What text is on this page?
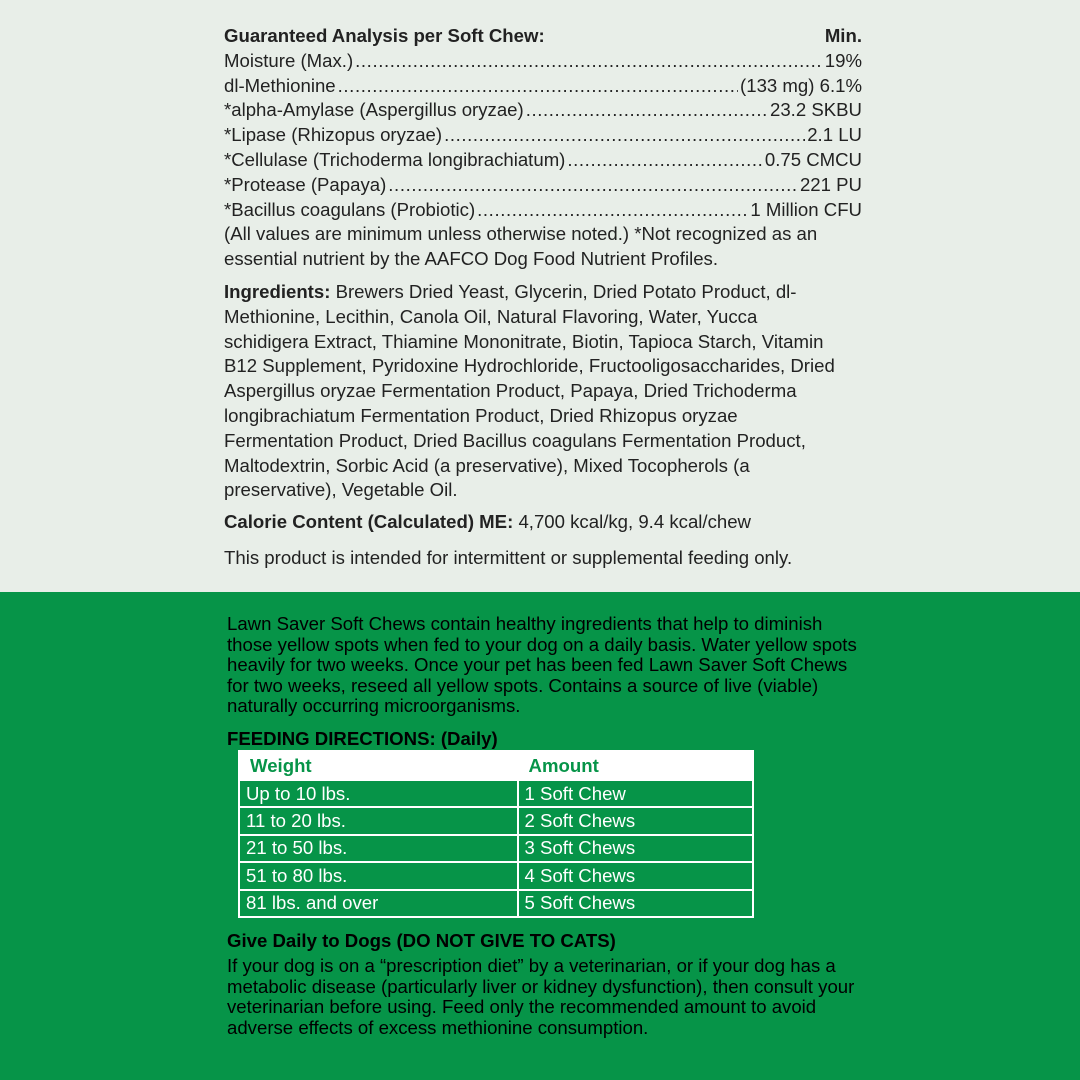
Guaranteed Analysis per Soft Chew:	Min.
Moisture (Max.) .....	19%
dl-Methionine .....	(133 mg) 6.1%
*alpha-Amylase (Aspergillus oryzae) .....	23.2 SKBU
*Lipase (Rhizopus oryzae) .....	2.1 LU
*Cellulase (Trichoderma longibrachiatum) .....	0.75 CMCU
*Protease (Papaya) .....	221 PU
*Bacillus coagulans (Probiotic) .....	1 Million CFU
(All values are minimum unless otherwise noted.) *Not recognized as an essential nutrient by the AAFCO Dog Food Nutrient Profiles.
Ingredients: Brewers Dried Yeast, Glycerin, Dried Potato Product, dl-Methionine, Lecithin, Canola Oil, Natural Flavoring, Water, Yucca schidigera Extract, Thiamine Mononitrate, Biotin, Tapioca Starch, Vitamin B12 Supplement, Pyridoxine Hydrochloride, Fructooligosaccharides, Dried Aspergillus oryzae Fermentation Product, Papaya, Dried Trichoderma longibrachiatum Fermentation Product, Dried Rhizopus oryzae Fermentation Product, Dried Bacillus coagulans Fermentation Product, Maltodextrin, Sorbic Acid (a preservative), Mixed Tocopherols (a preservative), Vegetable Oil.
Calorie Content (Calculated) ME: 4,700 kcal/kg, 9.4 kcal/chew
This product is intended for intermittent or supplemental feeding only.
Lawn Saver Soft Chews contain healthy ingredients that help to diminish those yellow spots when fed to your dog on a daily basis. Water yellow spots heavily for two weeks. Once your pet has been fed Lawn Saver Soft Chews for two weeks, reseed all yellow spots. Contains a source of live (viable) naturally occurring microorganisms.
FEEDING DIRECTIONS: (Daily)
Weight	Amount
Up to 10 lbs.	1 Soft Chew
11 to 20 lbs.	2 Soft Chews
21 to 50 lbs.	3 Soft Chews
51 to 80 lbs.	4 Soft Chews
81 lbs. and over	5 Soft Chews
Give Daily to Dogs (DO NOT GIVE TO CATS)
If your dog is on a “prescription diet” by a veterinarian, or if your dog has a metabolic disease (particularly liver or kidney dysfunction), then consult your veterinarian before using. Feed only the recommended amount to avoid adverse effects of excess methionine consumption.
